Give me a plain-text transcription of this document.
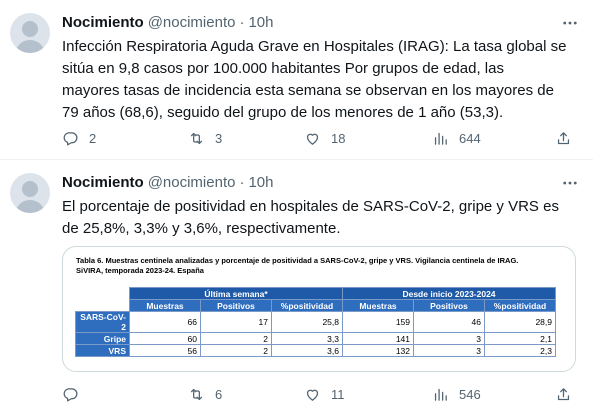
Nocimiento @nocimiento · 10h
Infección Respiratoria Aguda Grave en Hospitales (IRAG): La tasa global se
sitúa en 9,8 casos por 100.000 habitantes Por grupos de edad, las
mayores tasas de incidencia esta semana se observan en los mayores de
79 años (68,6), seguido del grupo de los menores de 1 año (53,3).
2	3	18	644
Nocimiento @nocimiento · 10h
El porcentaje de positividad en hospitales de SARS-CoV-2, gripe y VRS es
de 25,8%, 3,3% y 3,6%, respectivamente.
Tabla 6. Muestras centinela analizadas y porcentaje de positividad a SARS-CoV-2, gripe y VRS. Vigilancia centinela de IRAG.
SiVIRA, temporada 2023-24. España
	Última semana*			Desde inicio 2023-2024		
	Muestras	Positivos	%positividad	Muestras	Positivos	%positividad
SARS-CoV-2	66	17	25,8	159	46	28,9
Gripe	60	2	3,3	141	3	2,1
VRS	56	2	3,6	132	3	2,3
6	11	546
